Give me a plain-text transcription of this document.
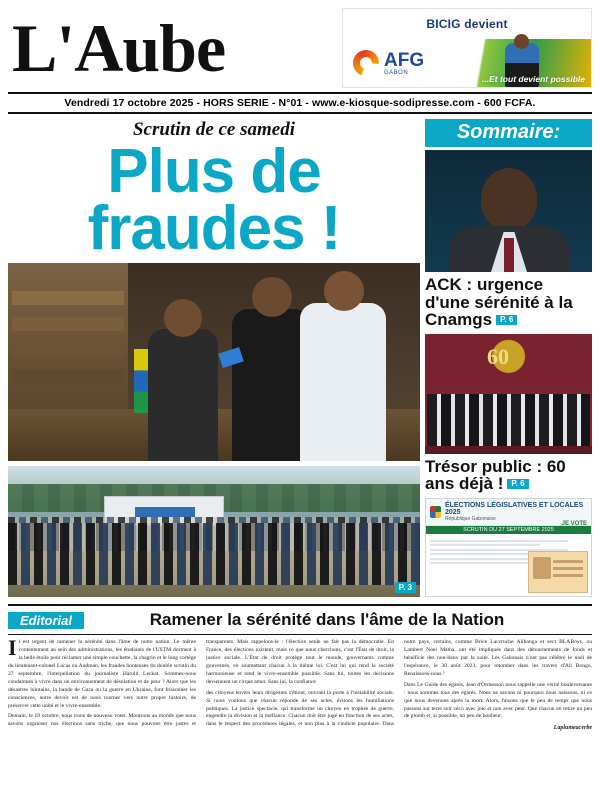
L'Aube	BICIG devient
AFG
GABON
...Et tout devient possible
Vendredi 17 octobre 2025 - HORS SERIE - N°01 - www.e-kiosque-sodipresse.com - 600 FCFA.
Scrutin de ce samedi
Plus de
fraudes !
P. 3
Sommaire:
ACK : urgence d'une sérénité à la Cnamgs P. 6
60
Trésor public : 60 ans déjà ! P. 6
ÉLECTIONS LÉGISLATIVES ET LOCALES 2025
République Gabonaise
SCRUTIN DU 27 SEPTEMBRE 2025
JE VOTE
Editorial	Ramener la sérénité dans l'âme de la Nation

Il est urgent de ramener la sérénité dans l'âme de notre nation. Le même contentement au sein des administrations, les étudiants de l'USTM dorment à la belle étoile pour réclamer une simple couchette, la chagrin et le long cortège du lieutenant-colonel Lucas ou Audrean, les fraudes honteuses du double scrutin du 27 septembre, l'interpellation du journaliste Harold Leckat. Sommes-nous condamnés à vivre dans un environnement de désolation et de peur ? Alors que les désastres lointains, la bande de Gaza ou la guerre en Ukraine, font frissonner les consciences, notre devoir est de nous tourner vers notre propre histoire, de préserver cette unité et le vivre-ensemble.

Demain, le 18 octobre, nous irons de nouveau voter. Montrons au monde que nous savons organiser nos élections sans triche, que nous pouvons être justes et transparents. Mais rappelons-le : l'élection seule ne fait pas la démocratie. En France, des élections existent, mais ce que nous cherchons, c'est l'État de droit, la justice sociale. L'État de droit protège tout le monde, gouvernants comme gouvernés, en soumettant chacun à la même loi. C'est lui qui rend la société harmonieuse et rend le vivre-ensemble possible. Sans lui, toutes les décisions deviennent un cirque amer. Sans lui, la confiance

des citoyens envers leurs dirigeants s'étiont, ouvrant la porte à l'instabilité sociale. Si nous voulons que chacun réponde de ses actes, évitons les humiliations publiques. La justice spectacle, qui transforme un citoyen en trophée de guerre, engendre la division et la méfiance. Chacun doit être jugé en fonction de ses actes, dans le respect des procédures légales, et non plus à la vindicte populaire. Dans notre pays, certains, comme Brice Laccruche Alihanga et sect BLABoys, ou Lambert Noel Matha, ont été impliqués dans des détournements de fonds et bénéficie des non-lieux par la suite. Les Gabonais n'ont pas célébré le noël de l'espérance, le 30 août 2023, pour retomber dans les travers d'Ali Bongo. Renaissons-nous !

Dans Le Guide des égarés, Jean d'Ormesson nous rappelle une vérité bouleversante : nous sommes tous des égarés. Nous ne savons ni pourquoi nous naissons, ni ce que nous devenons après la mort. Alors, faisons que le peu de temps que nous passons sur terre soit vécu avec joie et non avec peur. Que chacun en retire un peu de plomb et, si possible, un peu de bonheur.

Laplumeacerbe
